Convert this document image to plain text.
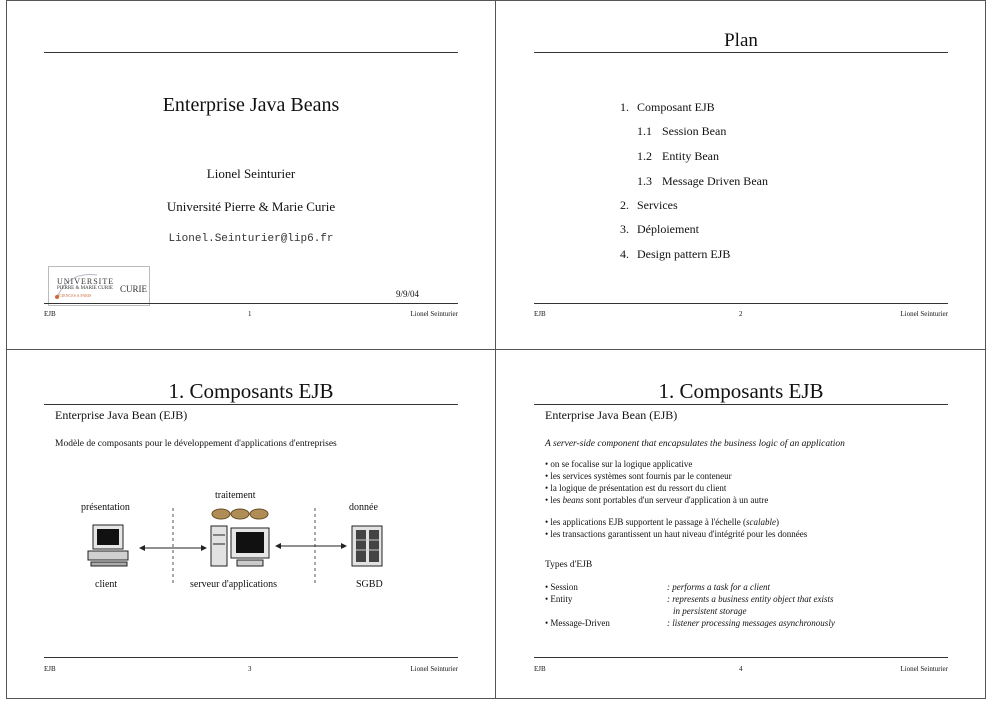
Enterprise Java Beans
Lionel Seinturier
Université Pierre & Marie Curie
Lionel.Seinturier@lip6.fr
UNIVERSITE
PIERRE & MARIE CURIE CURIE
SCIENCES A PARIS	9/9/04
EJB	1	Lionel Seinturier
Plan
1. Composant EJB
1.1 Session Bean
1.2 Entity Bean
1.3 Message Driven Bean
2. Services
3. Déploiement
4. Design pattern EJB
EJB	2	Lionel Seinturier
1. Composants EJB
Enterprise Java Bean (EJB)
Modèle de composants pour le développement d'applications d'entreprises
présentation
traitement
donnée
client	serveur d'applications	SGBD
EJB	3	Lionel Seinturier
1. Composants EJB
Enterprise Java Bean (EJB)
A server-side component that encapsulates the business logic of an application
• on se focalise sur la logique applicative
• les services systèmes sont fournis par le conteneur
• la logique de présentation est du ressort du client
• les beans sont portables d'un serveur d'application à un autre
• les applications EJB supportent le passage à l'échelle (scalable)
• les transactions garantissent un haut niveau d'intégrité pour les données
Types d'EJB
• Session	: performs a task for a client
• Entity	: represents a business entity object that exists
in persistent storage
• Message-Driven	: listener processing messages asynchronously
EJB	4	Lionel Seinturier
